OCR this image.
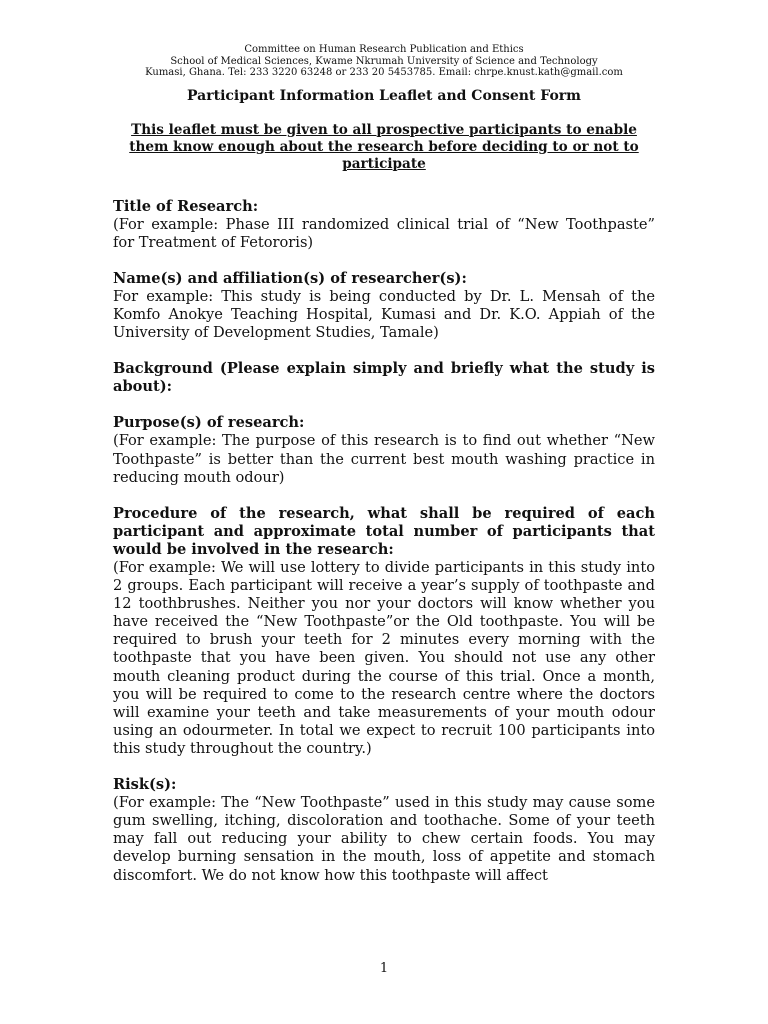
Committee on Human Research Publication and Ethics

School of Medical Sciences, Kwame Nkrumah University of Science and Technology

Kumasi, Ghana. Tel: 233 3220 63248 or 233 20 5453785. Email: chrpe.knust.kath@gmail.com

Participant Information Leaflet and Consent Form

This leaflet must be given to all prospective participants to enable them know enough about the research before deciding to or not to participate

Title of Research:

(For example: Phase III randomized clinical trial of “New Toothpaste” for Treatment of Fetororis)

Name(s) and affiliation(s) of researcher(s):

For example: This study is being conducted by Dr. L. Mensah of the Komfo Anokye Teaching Hospital, Kumasi and Dr. K.O. Appiah of the University of Development Studies, Tamale)

Background (Please explain simply and briefly what the study is about):

Purpose(s) of research:

(For example: The purpose of this research is to find out whether “New Toothpaste” is better than the current best mouth washing practice in reducing mouth odour)

Procedure of the research, what shall be required of each participant and approximate total number of participants that would be involved in the research:

(For example: We will use lottery to divide participants in this study into 2 groups. Each participant will receive a year’s supply of toothpaste and 12 toothbrushes. Neither you nor your doctors will know whether you have received the “New Toothpaste”or the Old toothpaste. You will be required to brush your teeth for 2 minutes every morning with the toothpaste that you have been given. You should not use any other mouth cleaning product during the course of this trial. Once a month, you will be required to come to the research centre where the doctors will examine your teeth and take measurements of your mouth odour using an odourmeter. In total we expect to recruit 100 participants into this study throughout the country.)

Risk(s):

(For example: The “New Toothpaste” used in this study may cause some gum swelling, itching, discoloration and toothache. Some of your teeth may fall out reducing your ability to chew certain foods. You may develop burning sensation in the mouth, loss of appetite and stomach discomfort. We do not know how this toothpaste will affect

1
